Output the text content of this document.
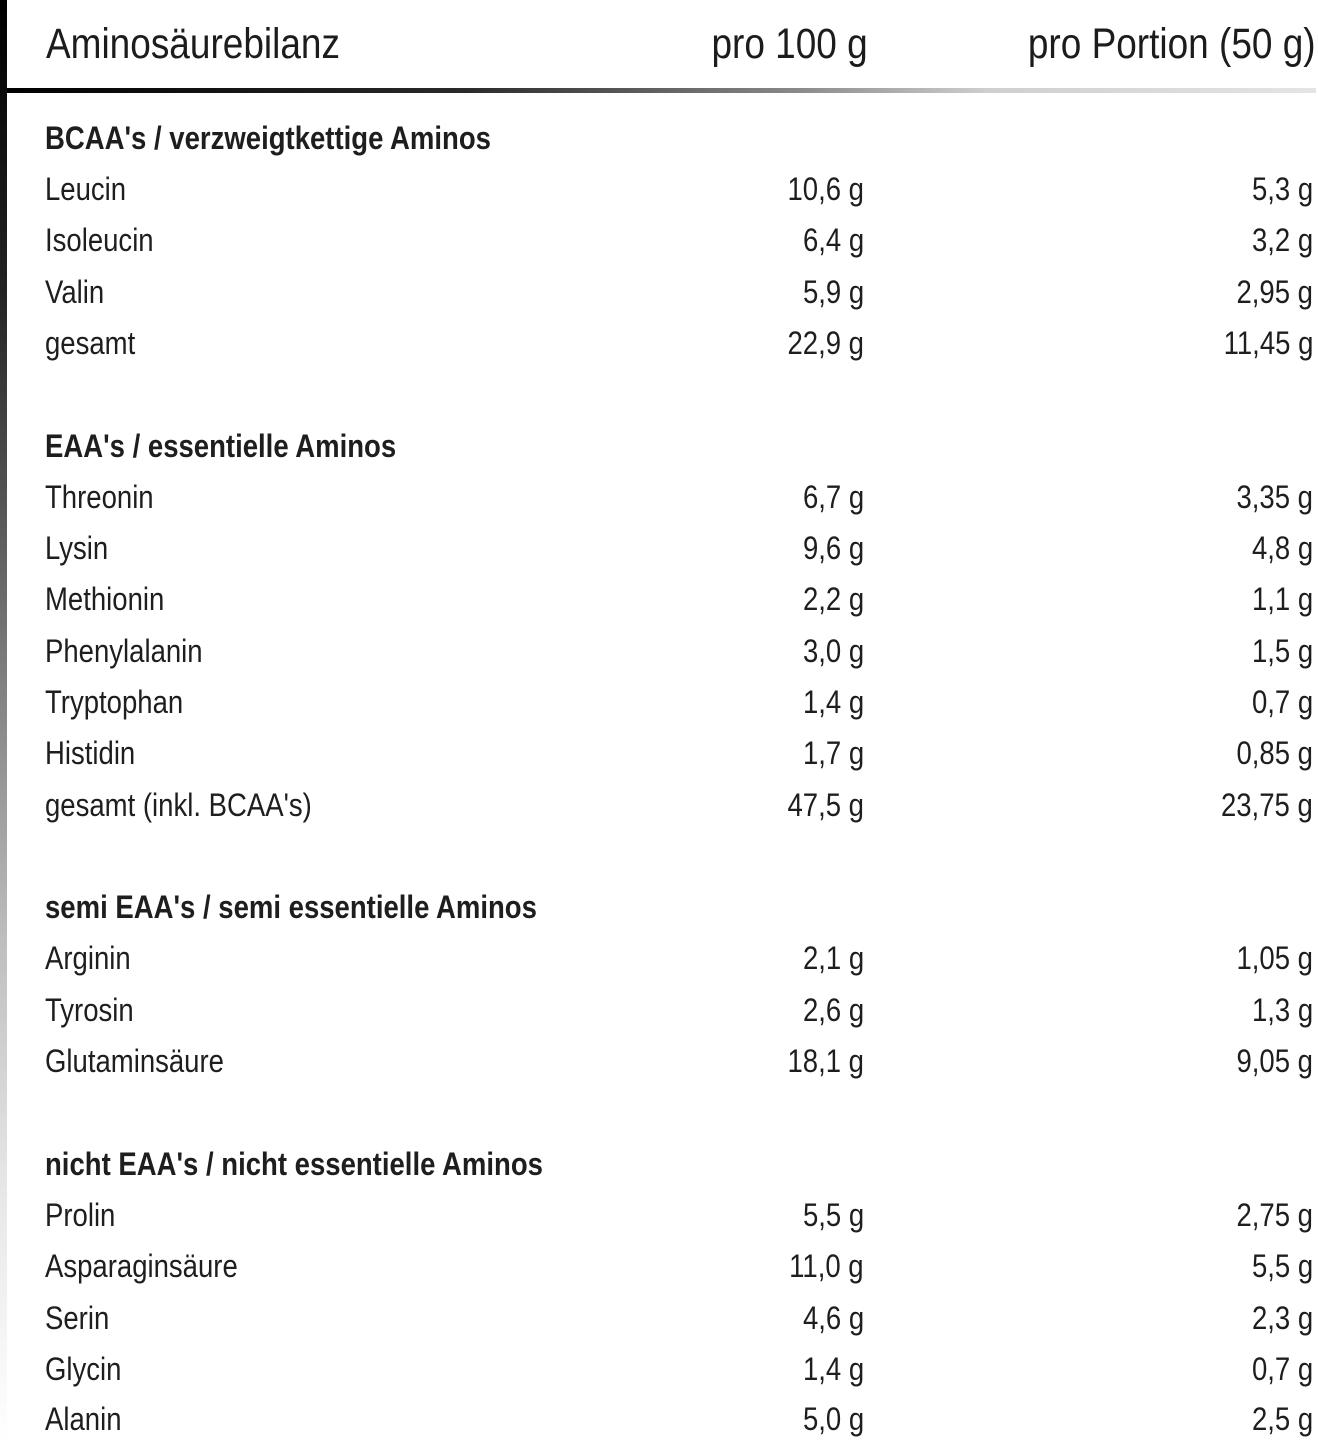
Aminosäurebilanz	pro 100 g	pro Portion (50 g)
BCAA's / verzweigtkettige Aminos
Leucin	10,6 g	5,3 g
Isoleucin	6,4 g	3,2 g
Valin	5,9 g	2,95 g
gesamt	22,9 g	11,45 g
EAA's / essentielle Aminos
Threonin	6,7 g	3,35 g
Lysin	9,6 g	4,8 g
Methionin	2,2 g	1,1 g
Phenylalanin	3,0 g	1,5 g
Tryptophan	1,4 g	0,7 g
Histidin	1,7 g	0,85 g
gesamt (inkl. BCAA's)	47,5 g	23,75 g
semi EAA's / semi essentielle Aminos
Arginin	2,1 g	1,05 g
Tyrosin	2,6 g	1,3 g
Glutaminsäure	18,1 g	9,05 g
nicht EAA's / nicht essentielle Aminos
Prolin	5,5 g	2,75 g
Asparaginsäure	11,0 g	5,5 g
Serin	4,6 g	2,3 g
Glycin	1,4 g	0,7 g
Alanin	5,0 g	2,5 g
